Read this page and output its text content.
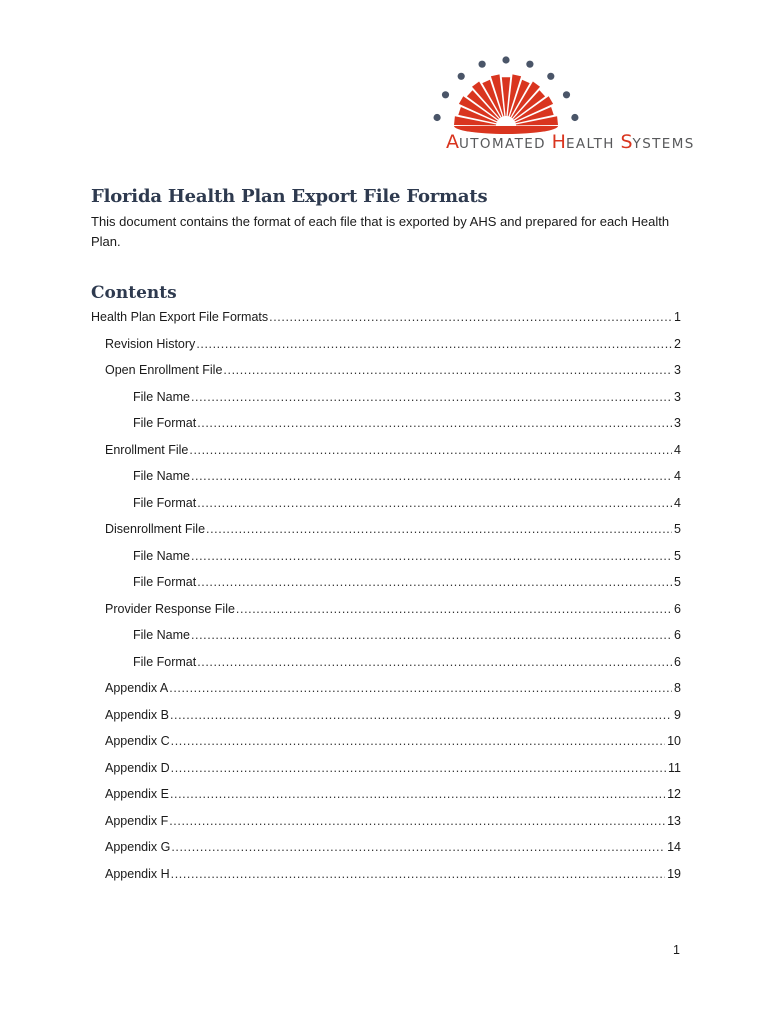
AUTOMATED HEALTH SYSTEMS
Florida Health Plan Export File Formats

This document contains the format of each file that is exported by AHS and prepared for each Health Plan.

Contents
Health Plan Export File Formats .....	1
Revision History .....	2
Open Enrollment File .....	3
File Name .....	3
File Format .....	3
Enrollment File .....	4
File Name .....	4
File Format .....	4
Disenrollment File .....	5
File Name .....	5
File Format .....	5
Provider Response File .....	6
File Name .....	6
File Format .....	6
Appendix A .....	8
Appendix B .....	9
Appendix C .....	10
Appendix D .....	11
Appendix E .....	12
Appendix F .....	13
Appendix G .....	14
Appendix H .....	19
1
